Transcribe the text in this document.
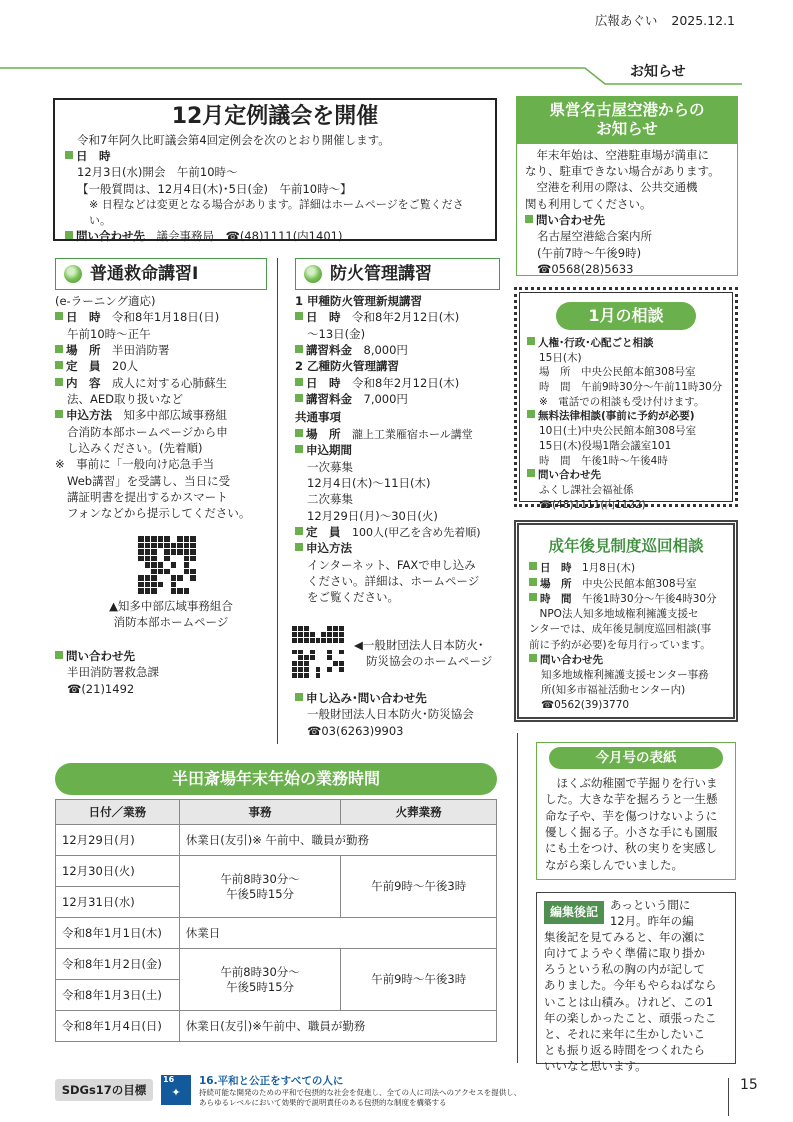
広報あぐい 2025.12.1
お知らせ
12月定例議会を開催
令和7年阿久比町議会第4回定例会を次のとおり開催します。
日　時
12月3日(水)開会　午前10時～
【一般質問は、12月4日(木)･5日(金)　午前10時～】
※ 日程などは変更となる場合があります。詳細はホームページをご覧ください。
問い合わせ先　 議会事務局　☎(48)1111(内1401)
県営名古屋空港からの
お知らせ
　年末年始は、空港駐車場が満車に
なり、駐車できない場合があります。
　空港を利用の際は、公共交通機
関も利用してください。
問い合わせ先
名古屋空港総合案内所
(午前7時～午後9時)
☎0568(28)5633
普通救命講習Ⅰ
(e-ラーニング適応)
日　時　 令和8年1月18日(日)
午前10時～正午
場　所　 半田消防署
定　員　 20人
内　容　 成人に対する心肺蘇生
法、AED取り扱いなど
申込方法　 知多中部広域事務組
合消防本部ホームページから申
し込みください。(先着順)
※　事前に「一般向け応急手当
Web講習」を受講し、当日に受
講証明書を提出するかスマート
フォンなどから提示してください。
▲知多中部広域事務組合
消防本部ホームページ
問い合わせ先
半田消防署救急課
☎(21)1492
防火管理講習
1 甲種防火管理新規講習
日　時　 令和8年2月12日(木)
～13日(金)
講習料金　 8,000円
2 乙種防火管理講習
日　時　 令和8年2月12日(木)
講習料金　 7,000円
共通事項
場　所　 瀧上工業雁宿ホール講堂
申込期間
一次募集
12月4日(木)～11日(木)
二次募集
12月29日(月)～30日(火)
定　員　 100人(甲乙を含め先着順)
申込方法
インターネット、FAXで申し込み
ください。詳細は、ホームページ
をご覧ください。
◀一般財団法人日本防火･
防災協会のホームページ
申し込み･問い合わせ先
一般財団法人日本防火･防災協会
☎03(6263)9903
1月の相談
人権･行政･心配ごと相談
15日(木)
場　所　中央公民館本館308号室
時　間　午前9時30分～午前11時30分
※　電話での相談も受け付けます。
無料法律相談(事前に予約が必要)
10日(土)中央公民館本館308号室
15日(木)役場1階会議室101
時　間　午後1時～午後4時
問い合わせ先
ふくし課社会福祉係
☎(48)1111(内1122)
成年後見制度巡回相談
日　時　 1月8日(木)
場　所　 中央公民館本館308号室
時　間　 午後1時30分～午後4時30分
　NPO法人知多地域権利擁護支援セ
ンターでは、成年後見制度巡回相談(事
前に予約が必要)を毎月行っています。
問い合わせ先
知多地域権利擁護支援センター事務
所(知多市福祉活動センター内)
☎0562(39)3770
半田斎場年末年始の業務時間
日付／業務	事務	火葬業務
12月29日(月)	休業日(友引)※ 午前中、職員が勤務	
12月30日(火)	午前8時30分～
午後5時15分	午前9時～午後3時
12月31日(水)		
令和8年1月1日(木)	休業日	
令和8年1月2日(金)	午前8時30分～
午後5時15分	午前9時～午後3時
令和8年1月3日(土)		
令和8年1月4日(日)	休業日(友引)※午前中、職員が勤務	
今月号の表紙
　ほくぶ幼稚園で芋掘りを行いま
した。大きな芋を掘ろうと一生懸
命な子や、芋を傷つけないように
優しく掘る子。小さな手にも園服
にも土をつけ、秋の実りを実感し
ながら楽しんでいました。
編集後記	あっという間に
12月。昨年の編
集後記を見てみると、年の瀬に
向けてようやく準備に取り掛か
ろうという私の胸の内が記して
ありました。今年もやらねばなら
いことは山積み。けれど、この1
年の楽しかったこと、頑張ったこ
と、それに来年に生かしたいこ
とも振り返る時間をつくれたら
いいなと思います。
SDGs17の目標
16
✦
16.平和と公正をすべての人に
持続可能な開発のための平和で包摂的な社会を促進し、全ての人に司法へのアクセスを提供し、
あらゆるレベルにおいて効果的で説明責任のある包摂的な制度を構築する
15
